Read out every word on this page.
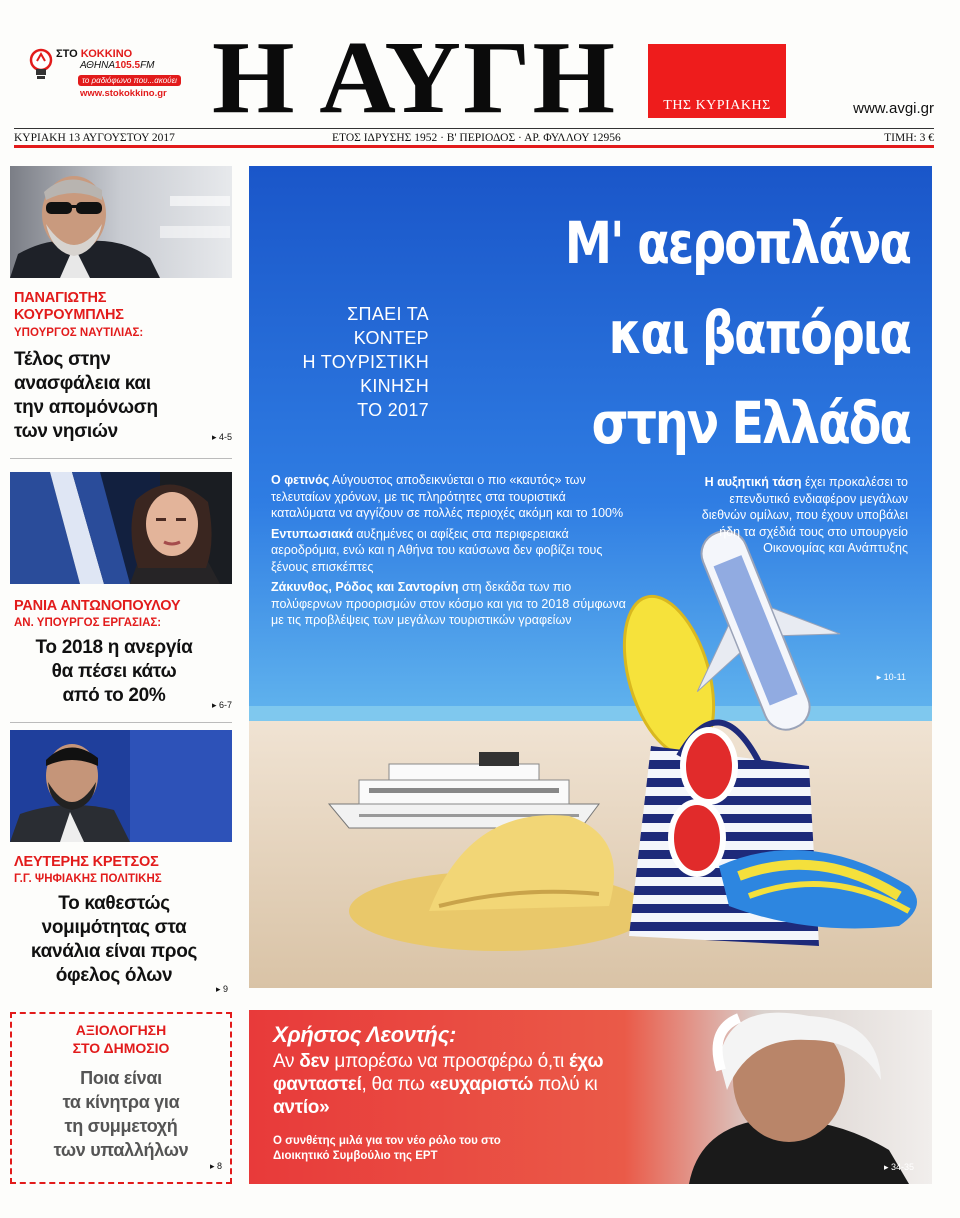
ΣΤΟ ΚΟΚΚΙΝΟ
ΑΘΗΝΑ105.5FM
το ραδιόφωνο που...ακούει
www.stokokkino.gr Η ΑΥΓΗ	ΤΗΣ ΚΥΡΙΑΚΗΣ	www.avgi.gr
ΚΥΡΙΑΚΗ 13 ΑΥΓΟΥΣΤΟΥ 2017	ΕΤΟΣ ΙΔΡΥΣΗΣ 1952 · Β' ΠΕΡΙΟΔΟΣ · ΑΡ. ΦΥΛΛΟΥ 12956	ΤΙΜΗ: 3 €
ΠΑΝΑΓΙΩΤΗΣ
ΚΟΥΡΟΥΜΠΛΗΣ
ΥΠΟΥΡΓΟΣ ΝΑΥΤΙΛΙΑΣ:
Τέλος στην
ανασφάλεια και
την απομόνωση
των νησιών	▸ 4-5
ΡΑΝΙΑ ΑΝΤΩΝΟΠΟΥΛΟΥ
ΑΝ. ΥΠΟΥΡΓΟΣ ΕΡΓΑΣΙΑΣ:
Το 2018 η ανεργία
θα πέσει κάτω
από το 20%	▸ 6-7
ΛΕΥΤΕΡΗΣ ΚΡΕΤΣΟΣ
Γ.Γ. ΨΗΦΙΑΚΗΣ ΠΟΛΙΤΙΚΗΣ
Το καθεστώς
νομιμότητας στα
κανάλια είναι προς
όφελος όλων
▸ 9
ΑΞΙΟΛΟΓΗΣΗ
ΣΤΟ ΔΗΜΟΣΙΟ
Ποια είναι
τα κίνητρα για
τη συμμετοχή
των υπαλλήλων
▸ 8
Μ' αεροπλάνα
και βαπόρια
στην Ελλάδα
ΣΠΑΕΙ ΤΑ
ΚΟΝΤΕΡ
Η ΤΟΥΡΙΣΤΙΚΗ
ΚΙΝΗΣΗ
ΤΟ 2017

Ο φετινός Αύγουστος αποδεικνύεται ο πιο «καυτός» των τελευταίων χρόνων, με τις πληρότητες στα τουριστικά καταλύματα να αγγίζουν σε πολλές περιοχές ακόμη και το 100%

Εντυπωσιακά αυξημένες οι αφίξεις στα περιφερειακά αεροδρόμια, ενώ και η Αθήνα του καύσωνα δεν φοβίζει τους ξένους επισκέπτες

Ζάκυνθος, Ρόδος και Σαντορίνη στη δεκάδα των πιο πολύφερνων προορισμών στον κόσμο και για το 2018 σύμφωνα με τις προβλέψεις των μεγάλων τουριστικών γραφείων

Η αυξητική τάση έχει προκαλέσει το επενδυτικό ενδιαφέρον μεγάλων διεθνών ομίλων, που έχουν υποβάλει ήδη τα σχέδιά τους στο υπουργείο Οικονομίας και Ανάπτυξης
▸ 10-11
Χρήστος Λεοντής:
Αν δεν μπορέσω να προσφέρω ό,τι έχω φανταστεί, θα πω «ευχαριστώ πολύ κι αντίο»
Ο συνθέτης μιλά για τον νέο ρόλο του στο Διοικητικό Συμβούλιο της ΕΡΤ
▸ 34-35
